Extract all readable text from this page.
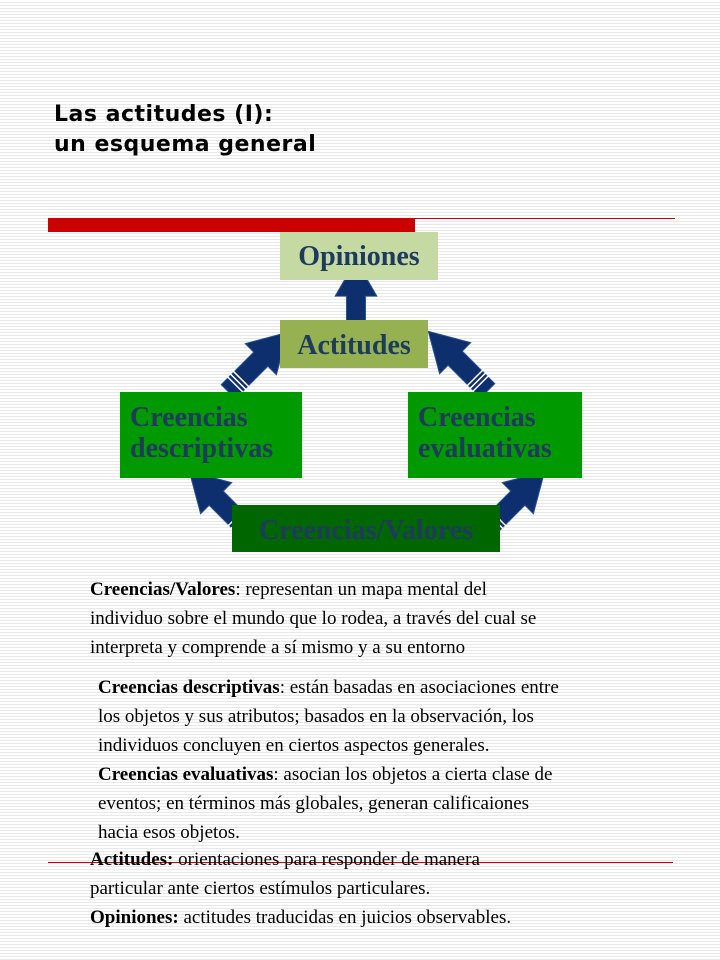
Las actitudes (I):
un esquema general
Opiniones
Actitudes
Creencias
descriptivas
Creencias
evaluativas
Creencias/Valores
Creencias/Valores: representan un mapa mental del
individuo sobre el mundo que lo rodea, a través del cual se
interpreta y comprende a sí mismo y a su entorno
Creencias descriptivas: están basadas en asociaciones entre
los objetos y sus atributos; basados en la observación, los
individuos concluyen en ciertos aspectos generales.
Creencias evaluativas: asocian los objetos a cierta clase de
eventos; en términos más globales, generan calificaiones
hacia esos objetos.
Actitudes: orientaciones para responder de manera
particular ante ciertos estímulos particulares.
Opiniones: actitudes traducidas en juicios observables.
